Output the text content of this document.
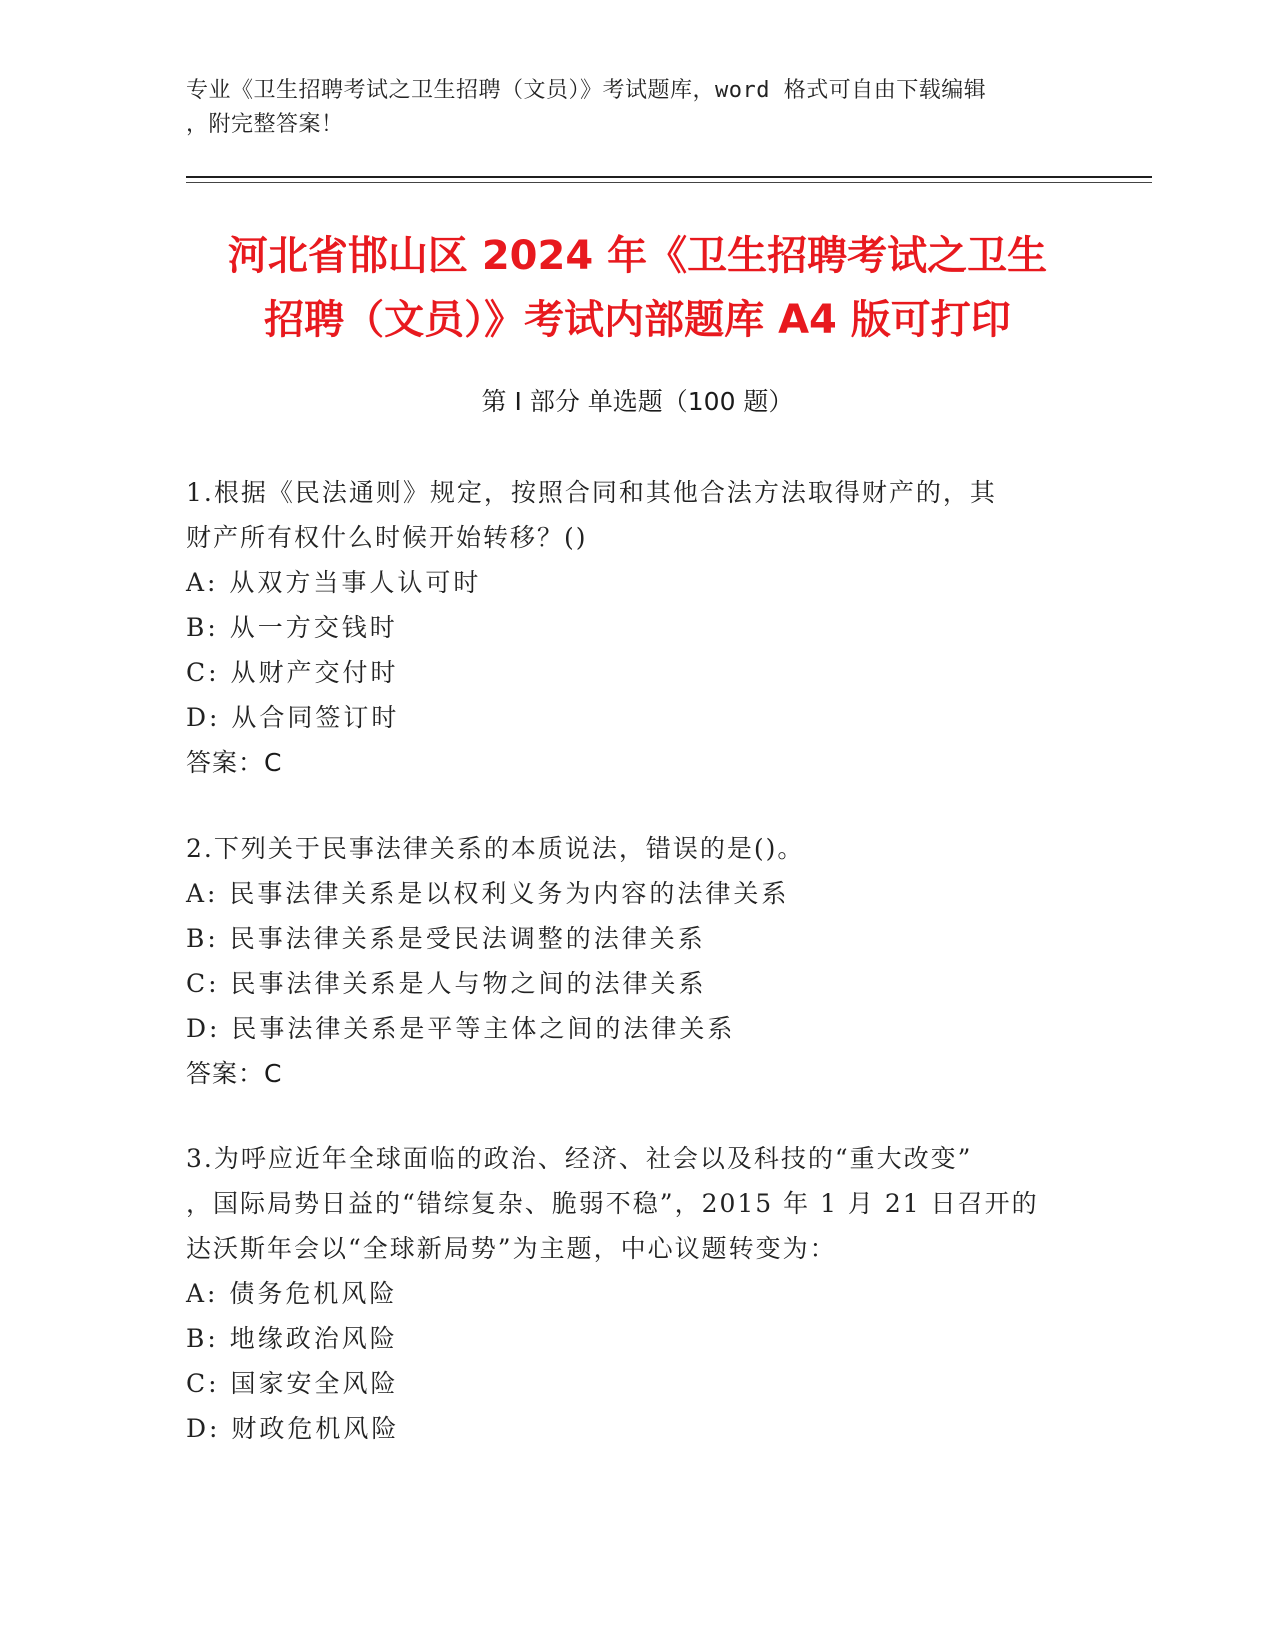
专业《卫生招聘考试之卫生招聘（文员）》考试题库，word 格式可自由下载编辑
，附完整答案！
河北省邯山区 2024 年《卫生招聘考试之卫生
招聘（文员）》考试内部题库 A4 版可打印
第 I 部分 单选题（100 题）
1.根据《民法通则》规定，按照合同和其他合法方法取得财产的，其
财产所有权什么时候开始转移？()
A: 从双方当事人认可时
B: 从一方交钱时
C: 从财产交付时
D: 从合同签订时
答案：C
2.下列关于民事法律关系的本质说法，错误的是()。
A: 民事法律关系是以权利义务为内容的法律关系
B: 民事法律关系是受民法调整的法律关系
C: 民事法律关系是人与物之间的法律关系
D: 民事法律关系是平等主体之间的法律关系
答案：C
3.为呼应近年全球面临的政治、经济、社会以及科技的“重大改变”
，国际局势日益的“错综复杂、脆弱不稳”，2015 年 1 月 21 日召开的
达沃斯年会以“全球新局势”为主题，中心议题转变为：
A: 债务危机风险
B: 地缘政治风险
C: 国家安全风险
D: 财政危机风险
